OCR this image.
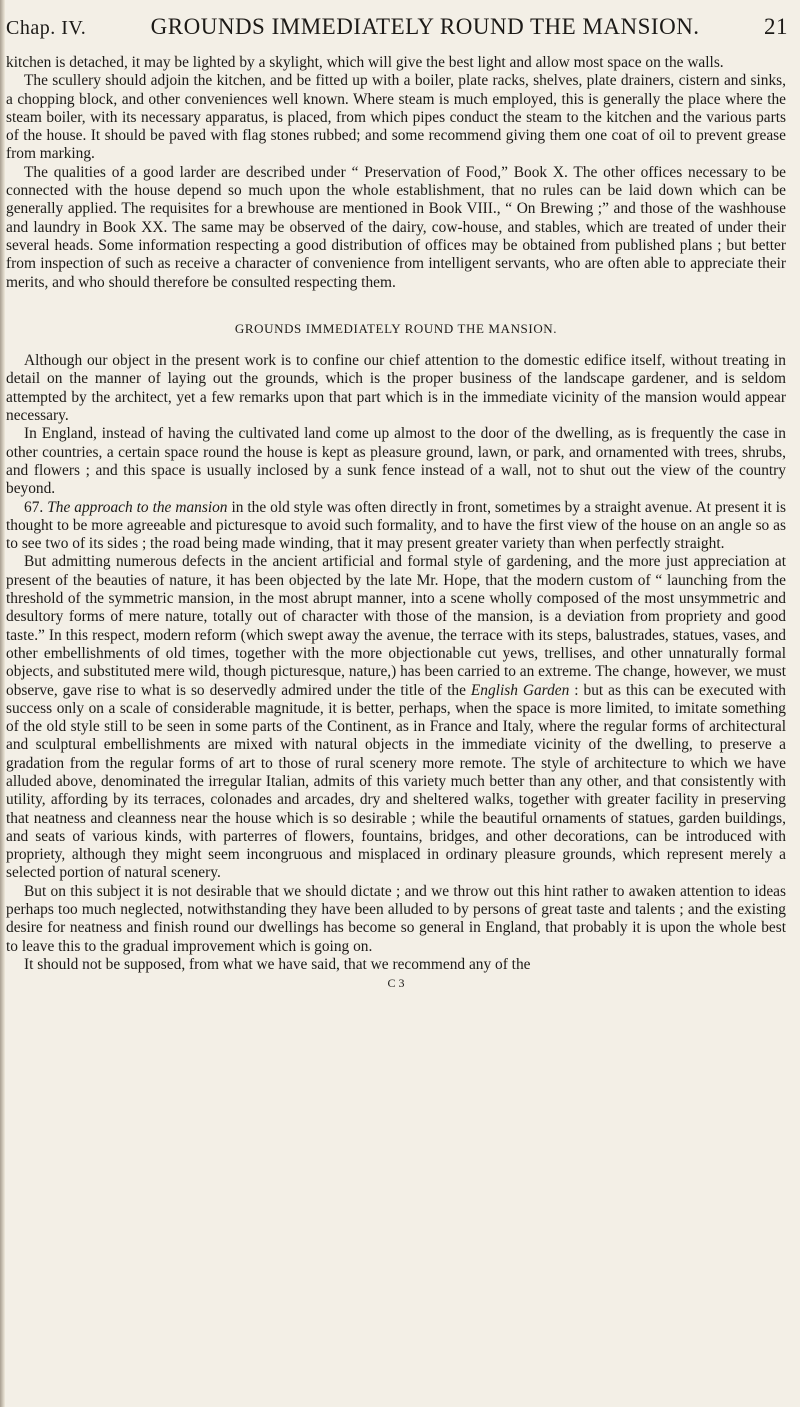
Chap. IV.	GROUNDS IMMEDIATELY ROUND THE MANSION.	21

kitchen is detached, it may be lighted by a skylight, which will give the best light and allow most space on the walls.

The scullery should adjoin the kitchen, and be fitted up with a boiler, plate racks, shelves, plate drainers, cistern and sinks, a chopping block, and other conveniences well known. Where steam is much employed, this is generally the place where the steam boiler, with its necessary apparatus, is placed, from which pipes conduct the steam to the kitchen and the various parts of the house. It should be paved with flag stones rubbed; and some recommend giving them one coat of oil to prevent grease from marking.

The qualities of a good larder are described under “ Preservation of Food,” Book X. The other offices necessary to be connected with the house depend so much upon the whole establishment, that no rules can be laid down which can be generally applied. The requisites for a brewhouse are mentioned in Book VIII., “ On Brewing ;” and those of the washhouse and laundry in Book XX. The same may be observed of the dairy, cow-house, and stables, which are treated of under their several heads. Some information respecting a good distribution of offices may be obtained from published plans ; but better from inspection of such as receive a character of convenience from intelligent servants, who are often able to appreciate their merits, and who should therefore be consulted respecting them.

GROUNDS IMMEDIATELY ROUND THE MANSION.

Although our object in the present work is to confine our chief attention to the domestic edifice itself, without treating in detail on the manner of laying out the grounds, which is the proper business of the landscape gardener, and is seldom attempted by the architect, yet a few remarks upon that part which is in the immediate vicinity of the mansion would appear necessary.

In England, instead of having the cultivated land come up almost to the door of the dwelling, as is frequently the case in other countries, a certain space round the house is kept as pleasure ground, lawn, or park, and ornamented with trees, shrubs, and flowers ; and this space is usually inclosed by a sunk fence instead of a wall, not to shut out the view of the country beyond.

67. The approach to the mansion in the old style was often directly in front, sometimes by a straight avenue. At present it is thought to be more agreeable and picturesque to avoid such formality, and to have the first view of the house on an angle so as to see two of its sides ; the road being made winding, that it may present greater variety than when perfectly straight.

But admitting numerous defects in the ancient artificial and formal style of gardening, and the more just appreciation at present of the beauties of nature, it has been objected by the late Mr. Hope, that the modern custom of “ launching from the threshold of the symmetric mansion, in the most abrupt manner, into a scene wholly composed of the most unsymmetric and desultory forms of mere nature, totally out of character with those of the mansion, is a deviation from propriety and good taste.” In this respect, modern reform (which swept away the avenue, the terrace with its steps, balustrades, statues, vases, and other embellishments of old times, together with the more objectionable cut yews, trellises, and other unnaturally formal objects, and substituted mere wild, though picturesque, nature,) has been carried to an extreme. The change, however, we must observe, gave rise to what is so deservedly admired under the title of the English Garden : but as this can be executed with success only on a scale of considerable magnitude, it is better, perhaps, when the space is more limited, to imitate something of the old style still to be seen in some parts of the Continent, as in France and Italy, where the regular forms of architectural and sculptural embellishments are mixed with natural objects in the immediate vicinity of the dwelling, to preserve a gradation from the regular forms of art to those of rural scenery more remote. The style of architecture to which we have alluded above, denominated the irregular Italian, admits of this variety much better than any other, and that consistently with utility, affording by its terraces, colonades and arcades, dry and sheltered walks, together with greater facility in preserving that neatness and cleanness near the house which is so desirable ; while the beautiful ornaments of statues, garden buildings, and seats of various kinds, with parterres of flowers, fountains, bridges, and other decorations, can be introduced with propriety, although they might seem incongruous and misplaced in ordinary pleasure grounds, which represent merely a selected portion of natural scenery.

But on this subject it is not desirable that we should dictate ; and we throw out this hint rather to awaken attention to ideas perhaps too much neglected, notwithstanding they have been alluded to by persons of great taste and talents ; and the existing desire for neatness and finish round our dwellings has become so general in England, that probably it is upon the whole best to leave this to the gradual improvement which is going on.

It should not be supposed, from what we have said, that we recommend any of the

C 3
